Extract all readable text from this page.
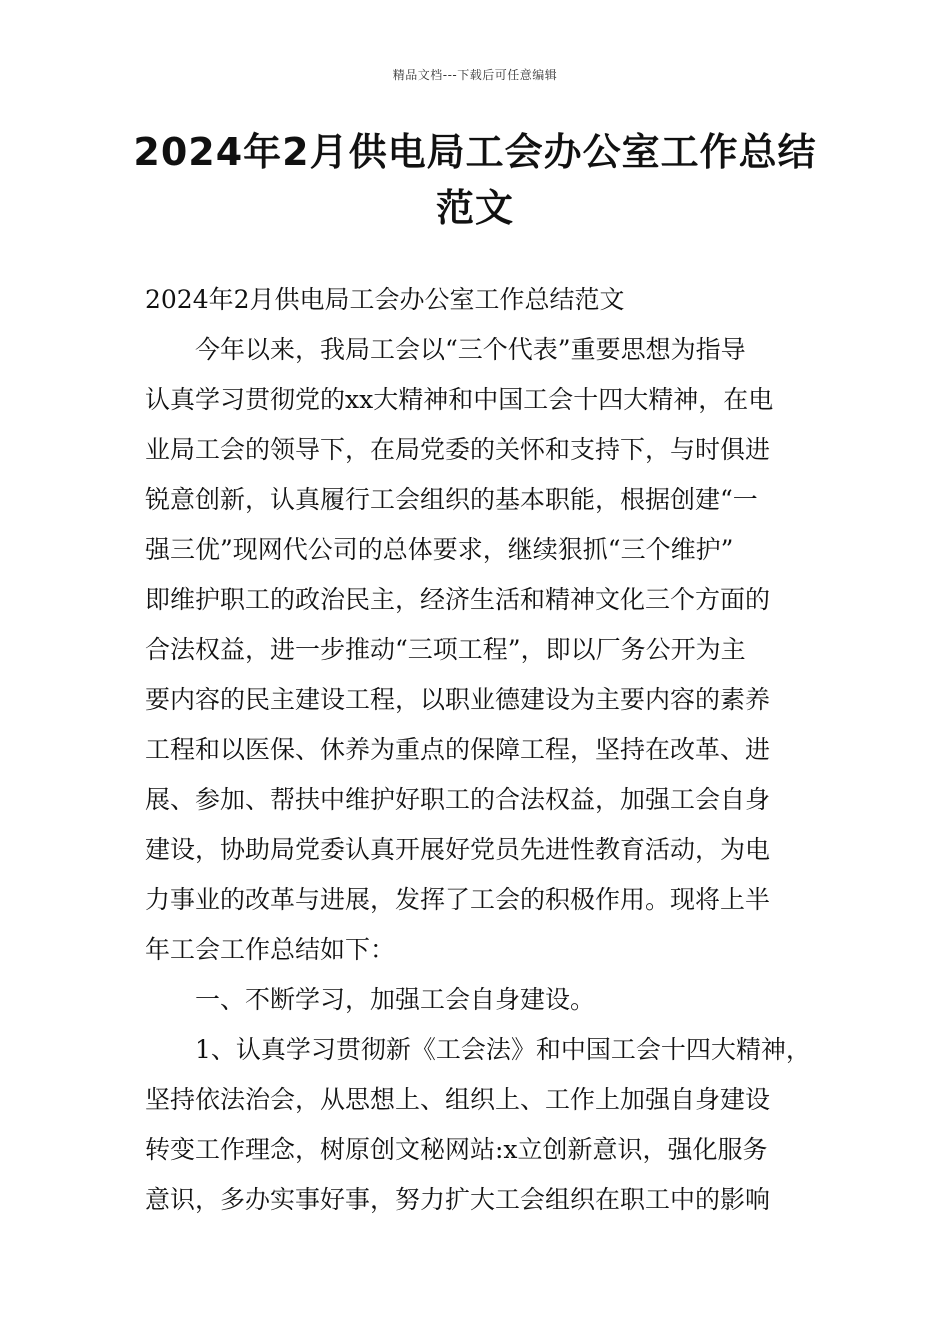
精品文档---下载后可任意编辑
2024年2月供电局工会办公室工作总结
范文
2024年2月供电局工会办公室工作总结范文
今年以来，我局工会以“三个代表”重要思想为指导
认真学习贯彻党的xx大精神和中国工会十四大精神，在电
业局工会的领导下，在局党委的关怀和支持下，与时俱进
锐意创新，认真履行工会组织的基本职能，根据创建“一
强三优”现网代公司的总体要求，继续狠抓“三个维护”
即维护职工的政治民主，经济生活和精神文化三个方面的
合法权益，进一步推动“三项工程”，即以厂务公开为主
要内容的民主建设工程，以职业德建设为主要内容的素养
工程和以医保、休养为重点的保障工程，坚持在改革、进
展、参加、帮扶中维护好职工的合法权益，加强工会自身
建设，协助局党委认真开展好党员先进性教育活动，为电
力事业的改革与进展，发挥了工会的积极作用。现将上半
年工会工作总结如下：
一、不断学习，加强工会自身建设。
1、认真学习贯彻新《工会法》和中国工会十四大精神，
坚持依法治会，从思想上、组织上、工作上加强自身建设
转变工作理念，树原创文秘网站:x立创新意识，强化服务
意识，多办实事好事，努力扩大工会组织在职工中的影响
